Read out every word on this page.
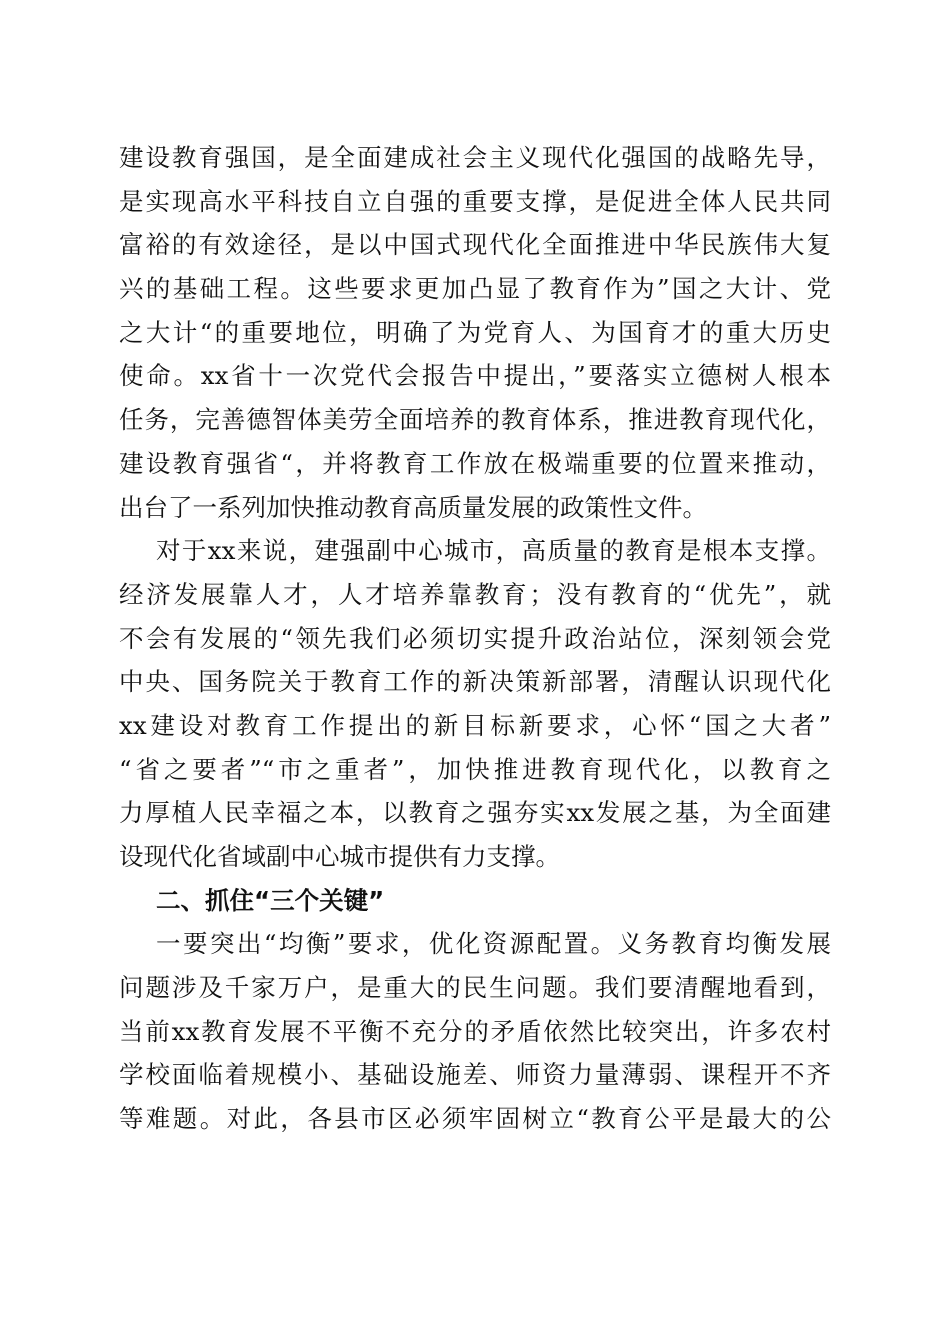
建设教育强国，是全面建成社会主义现代化强国的战略先导，
是实现高水平科技自立自强的重要支撑，是促进全体人民共同
富裕的有效途径，是以中国式现代化全面推进中华民族伟大复
兴的基础工程。这些要求更加凸显了教育作为”国之大计、党
之大计“的重要地位，明确了为党育人、为国育才的重大历史
使命。xx省十一次党代会报告中提出，”要落实立德树人根本
任务，完善德智体美劳全面培养的教育体系，推进教育现代化，
建设教育强省“，并将教育工作放在极端重要的位置来推动，
出台了一系列加快推动教育高质量发展的政策性文件。
对于xx来说，建强副中心城市，高质量的教育是根本支撑。
经济发展靠人才，人才培养靠教育；没有教育的“优先”，就
不会有发展的“领先我们必须切实提升政治站位，深刻领会党
中央、国务院关于教育工作的新决策新部署，清醒认识现代化
xx建设对教育工作提出的新目标新要求，心怀“国之大者”
“省之要者”“市之重者”，加快推进教育现代化，以教育之
力厚植人民幸福之本，以教育之强夯实xx发展之基，为全面建
设现代化省域副中心城市提供有力支撑。
二、抓住“三个关键”
一要突出“均衡”要求，优化资源配置。义务教育均衡发展
问题涉及千家万户，是重大的民生问题。我们要清醒地看到，
当前xx教育发展不平衡不充分的矛盾依然比较突出，许多农村
学校面临着规模小、基础设施差、师资力量薄弱、课程开不齐
等难题。对此，各县市区必须牢固树立“教育公平是最大的公
